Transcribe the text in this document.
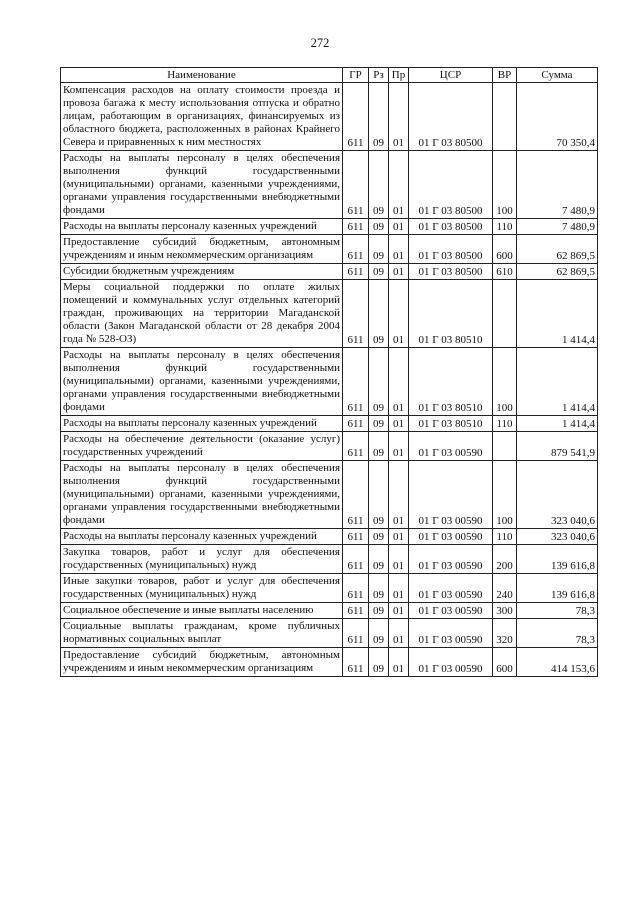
272
Наименование	ГР	Рз	Пр	ЦСР	ВР	Сумма
Компенсация расходов на оплату стоимости проезда и провоза багажа к месту использования отпуска и обратно лицам, работающим в организациях, финансируемых из областного бюджета, расположенных в районах Крайнего Севера и приравненных к ним местностях	611	09	01	01 Г 03 80500		70 350,4
Расходы на выплаты персоналу в целях обеспечения выполнения функций государственными (муниципальными) органами, казенными учреждениями, органами управления государственными внебюджетными фондами	611	09	01	01 Г 03 80500	100	7 480,9
Расходы на выплаты персоналу казенных учреждений	611	09	01	01 Г 03 80500	110	7 480,9
Предоставление субсидий бюджетным, автономным учреждениям и иным некоммерческим организациям	611	09	01	01 Г 03 80500	600	62 869,5
Субсидии бюджетным учреждениям	611	09	01	01 Г 03 80500	610	62 869,5
Меры социальной поддержки по оплате жилых помещений и коммунальных услуг отдельных категорий граждан, проживающих на территории Магаданской области (Закон Магаданской области от 28 декабря 2004 года № 528-ОЗ)	611	09	01	01 Г 03 80510		1 414,4
Расходы на выплаты персоналу в целях обеспечения выполнения функций государственными (муниципальными) органами, казенными учреждениями, органами управления государственными внебюджетными фондами	611	09	01	01 Г 03 80510	100	1 414,4
Расходы на выплаты персоналу казенных учреждений	611	09	01	01 Г 03 80510	110	1 414,4
Расходы на обеспечение деятельности (оказание услуг) государственных учреждений	611	09	01	01 Г 03 00590		879 541,9
Расходы на выплаты персоналу в целях обеспечения выполнения функций государственными (муниципальными) органами, казенными учреждениями, органами управления государственными внебюджетными фондами	611	09	01	01 Г 03 00590	100	323 040,6
Расходы на выплаты персоналу казенных учреждений	611	09	01	01 Г 03 00590	110	323 040,6
Закупка товаров, работ и услуг для обеспечения государственных (муниципальных) нужд	611	09	01	01 Г 03 00590	200	139 616,8
Иные закупки товаров, работ и услуг для обеспечения государственных (муниципальных) нужд	611	09	01	01 Г 03 00590	240	139 616,8
Социальное обеспечение и иные выплаты населению	611	09	01	01 Г 03 00590	300	78,3
Социальные выплаты гражданам, кроме публичных нормативных социальных выплат	611	09	01	01 Г 03 00590	320	78,3
Предоставление субсидий бюджетным, автономным учреждениям и иным некоммерческим организациям	611	09	01	01 Г 03 00590	600	414 153,6
